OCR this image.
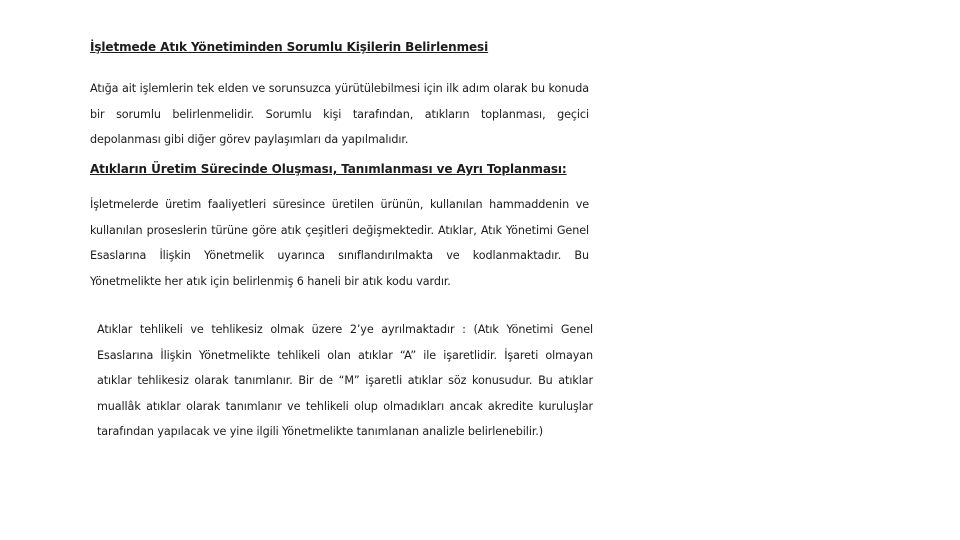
İşletmede Atık Yönetiminden Sorumlu Kişilerin Belirlenmesi

Atığa ait işlemlerin tek elden ve sorunsuzca yürütülebilmesi için ilk adım olarak bu konuda bir sorumlu belirlenmelidir. Sorumlu kişi tarafından, atıkların toplanması, geçici depolanması gibi diğer görev paylaşımları da yapılmalıdır.

Atıkların Üretim Sürecinde Oluşması, Tanımlanması ve Ayrı Toplanması:

İşletmelerde üretim faaliyetleri süresince üretilen ürünün, kullanılan hammaddenin ve kullanılan proseslerin türüne göre atık çeşitleri değişmektedir. Atıklar, Atık Yönetimi Genel Esaslarına İlişkin Yönetmelik uyarınca sınıflandırılmakta ve kodlanmaktadır. Bu Yönetmelikte her atık için belirlenmiş 6 haneli bir atık kodu vardır.

Atıklar tehlikeli ve tehlikesiz olmak üzere 2’ye ayrılmaktadır : (Atık Yönetimi Genel Esaslarına İlişkin Yönetmelikte tehlikeli olan atıklar “A” ile işaretlidir. İşareti olmayan atıklar tehlikesiz olarak tanımlanır. Bir de “M” işaretli atıklar söz konusudur. Bu atıklar muallâk atıklar olarak tanımlanır ve tehlikeli olup olmadıkları ancak akredite kuruluşlar tarafından yapılacak ve yine ilgili Yönetmelikte tanımlanan analizle belirlenebilir.)
